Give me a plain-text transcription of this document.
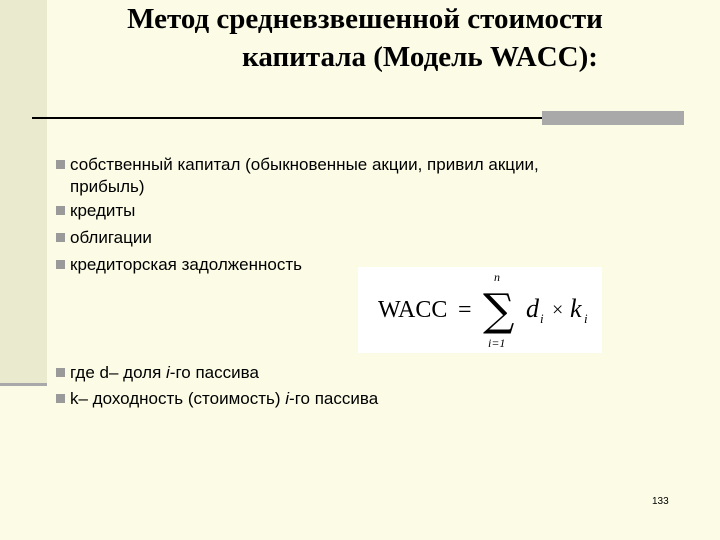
Метод средневзвешенной стоимости
капитала (Модель WACC):
собственный капитал (обыкновенные акции, привил акции,
прибыль)
кредиты
облигации
кредиторская задолженность
WACC =
n
∑
i=1
d i × k i
где d– доля i-го пассива
k– доходность (стоимость) i-го пассива
133
